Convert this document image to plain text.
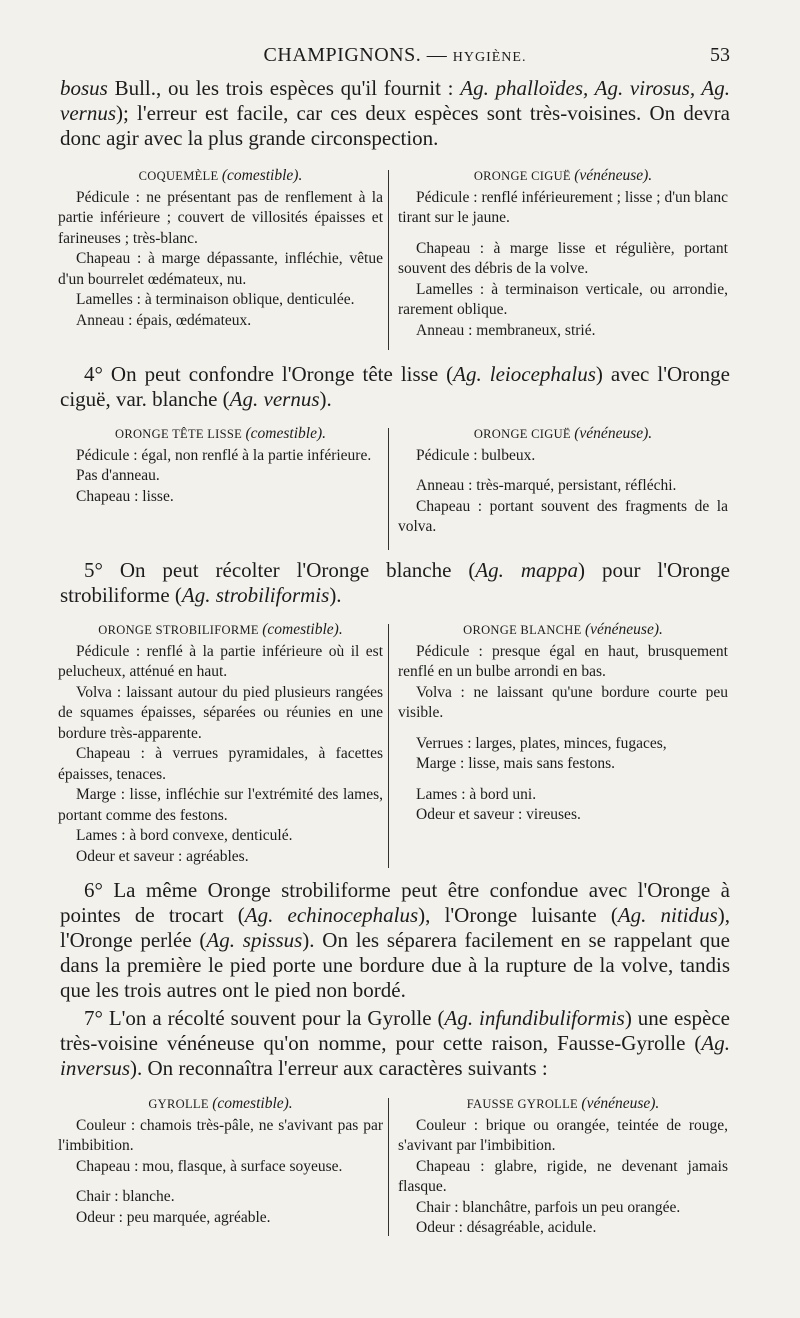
CHAMPIGNONS. — HYGIÈNE.	53
bosus Bull., ou les trois espèces qu'il fournit : Ag. phalloïdes, Ag. virosus, Ag. vernus); l'erreur est facile, car ces deux espèces sont très-voisines. On devra donc agir avec la plus grande circonspection.
COQUEMÈLE (comestible).

Pédicule : ne présentant pas de renflement à la partie inférieure ; couvert de villosités épaisses et farineuses ; très-blanc.

Chapeau : à marge dépassante, infléchie, vêtue d'un bourrelet œdémateux, nu.

Lamelles : à terminaison oblique, denticulée.

Anneau : épais, œdémateux.

ORONGE CIGUË (vénéneuse).

Pédicule : renflé inférieurement ; lisse ; d'un blanc tirant sur le jaune.

Chapeau : à marge lisse et régulière, portant souvent des débris de la volve.

Lamelles : à terminaison verticale, ou arrondie, rarement oblique.

Anneau : membraneux, strié.

4° On peut confondre l'Oronge tête lisse (Ag. leiocephalus) avec l'Oronge ciguë, var. blanche (Ag. vernus).
ORONGE TÊTE LISSE (comestible).

Pédicule : égal, non renflé à la partie inférieure.

Pas d'anneau.

Chapeau : lisse.

ORONGE CIGUË (vénéneuse).

Pédicule : bulbeux.

Anneau : très-marqué, persistant, réfléchi.

Chapeau : portant souvent des fragments de la volva.

5° On peut récolter l'Oronge blanche (Ag. mappa) pour l'Oronge strobiliforme (Ag. strobiliformis).
ORONGE STROBILIFORME (comestible).

Pédicule : renflé à la partie inférieure où il est pelucheux, atténué en haut.

Volva : laissant autour du pied plusieurs rangées de squames épaisses, séparées ou réunies en une bordure très-apparente.

Chapeau : à verrues pyramidales, à facettes épaisses, tenaces.

Marge : lisse, infléchie sur l'extrémité des lames, portant comme des festons.

Lames : à bord convexe, denticulé.

Odeur et saveur : agréables.

ORONGE BLANCHE (vénéneuse).

Pédicule : presque égal en haut, brusquement renflé en un bulbe arrondi en bas.

Volva : ne laissant qu'une bordure courte peu visible.

Verrues : larges, plates, minces, fugaces,

Marge : lisse, mais sans festons.

Lames : à bord uni.

Odeur et saveur : vireuses.

6° La même Oronge strobiliforme peut être confondue avec l'Oronge à pointes de trocart (Ag. echinocephalus), l'Oronge luisante (Ag. nitidus), l'Oronge perlée (Ag. spissus). On les séparera facilement en se rappelant que dans la première le pied porte une bordure due à la rupture de la volve, tandis que les trois autres ont le pied non bordé.
7° L'on a récolté souvent pour la Gyrolle (Ag. infundibuliformis) une espèce très-voisine vénéneuse qu'on nomme, pour cette raison, Fausse-Gyrolle (Ag. inversus). On reconnaîtra l'erreur aux caractères suivants :
GYROLLE (comestible).

Couleur : chamois très-pâle, ne s'avivant pas par l'imbibition.

Chapeau : mou, flasque, à surface soyeuse.

Chair : blanche.

Odeur : peu marquée, agréable.

FAUSSE GYROLLE (vénéneuse).

Couleur : brique ou orangée, teintée de rouge, s'avivant par l'imbibition.

Chapeau : glabre, rigide, ne devenant jamais flasque.

Chair : blanchâtre, parfois un peu orangée.

Odeur : désagréable, acidule.
